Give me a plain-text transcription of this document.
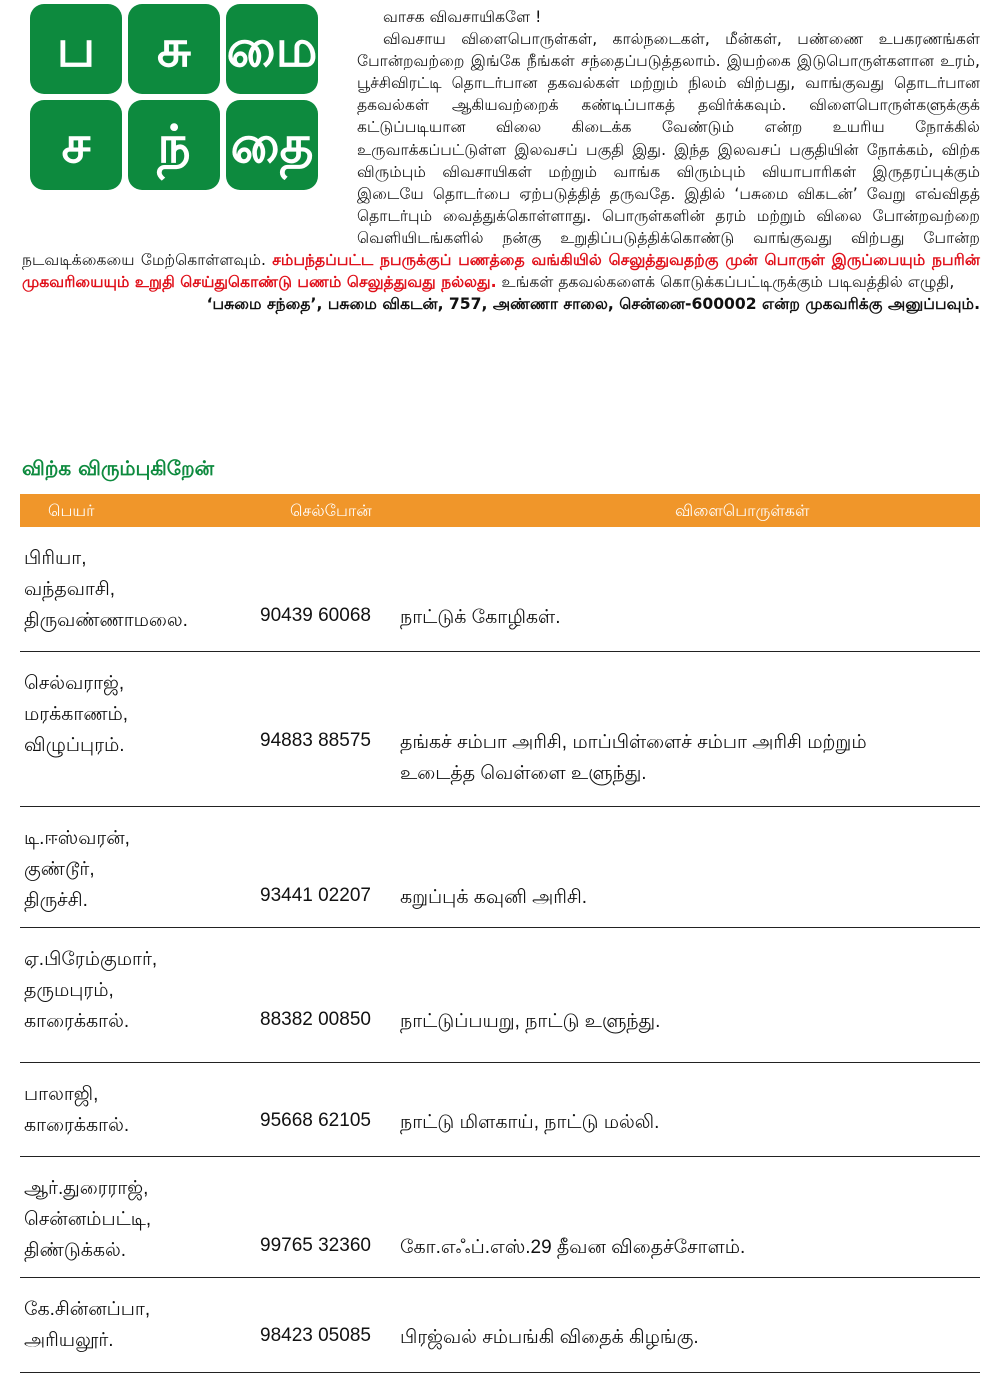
ப	சு மை
ச	ந் தை
வாசக விவசாயிகளே !
விவசாய விளைபொருள்கள், கால்நடைகள், மீன்கள், பண்ணை உபகரணங்கள் போன்றவற்றை இங்கே நீங்கள் சந்தைப்படுத்தலாம். இயற்கை இடுபொருள்களான உரம், பூச்சிவிரட்டி தொடர்பான தகவல்கள் மற்றும் நிலம் விற்பது, வாங்குவது தொடர்பான தகவல்கள் ஆகியவற்றைக் கண்டிப்பாகத் தவிர்க்கவும். விளைபொருள்களுக்குக் கட்டுப்படியான விலை கிடைக்க வேண்டும் என்ற உயரிய நோக்கில் உருவாக்கப்பட்டுள்ள இலவசப் பகுதி இது. இந்த இலவசப் பகுதியின் நோக்கம், விற்க விரும்பும் விவசாயிகள் மற்றும் வாங்க விரும்பும் வியாபாரிகள் இருதரப்புக்கும் இடையே தொடர்பை ஏற்படுத்தித் தருவதே. இதில் ‘பசுமை விகடன்’ வேறு எவ்விதத் தொடர்பும் வைத்துக்கொள்ளாது. பொருள்களின் தரம் மற்றும் விலை போன்றவற்றை வெளியிடங்களில் நன்கு உறுதிப்படுத்திக்கொண்டு வாங்குவது விற்பது போன்ற நடவடிக்கையை மேற்கொள்ளவும். சம்பந்தப்பட்ட நபருக்குப் பணத்தை வங்கியில் செலுத்துவதற்கு முன் பொருள் இருப்பையும் நபரின் முகவரியையும் உறுதி செய்துகொண்டு பணம் செலுத்துவது நல்லது. உங்கள் தகவல்களைக் கொடுக்கப்பட்டிருக்கும் படிவத்தில் எழுதி,
‘பசுமை சந்தை’, பசுமை விகடன், 757, அண்ணா சாலை, சென்னை-600002 என்ற முகவரிக்கு அனுப்பவும்.
விற்க விரும்புகிறேன்
பெயர்	செல்போன்	விளைபொருள்கள்
பிரியா,
வந்தவாசி,
திருவண்ணாமலை.	90439 60068 நாட்டுக் கோழிகள்.
செல்வராஜ்,
மரக்காணம்,
விழுப்புரம்.	94883 88575 தங்கச் சம்பா அரிசி, மாப்பிள்ளைச் சம்பா அரிசி மற்றும் உடைத்த வெள்ளை உளுந்து.
டி.ஈஸ்வரன்,
குண்டூர்,
திருச்சி.	93441 02207 கறுப்புக் கவுனி அரிசி.
ஏ.பிரேம்குமார்,
தருமபுரம்,
காரைக்கால்.	88382 00850 நாட்டுப்பயறு, நாட்டு உளுந்து.
பாலாஜி,
காரைக்கால்.	95668 62105 நாட்டு மிளகாய், நாட்டு மல்லி.
ஆர்.துரைராஜ்,
சென்னம்பட்டி,
திண்டுக்கல்.	99765 32360 கோ.எஃப்.எஸ்.29 தீவன விதைச்சோளம்.
கே.சின்னப்பா,
அரியலூர்.	98423 05085 பிரஜ்வல் சம்பங்கி விதைக் கிழங்கு.
